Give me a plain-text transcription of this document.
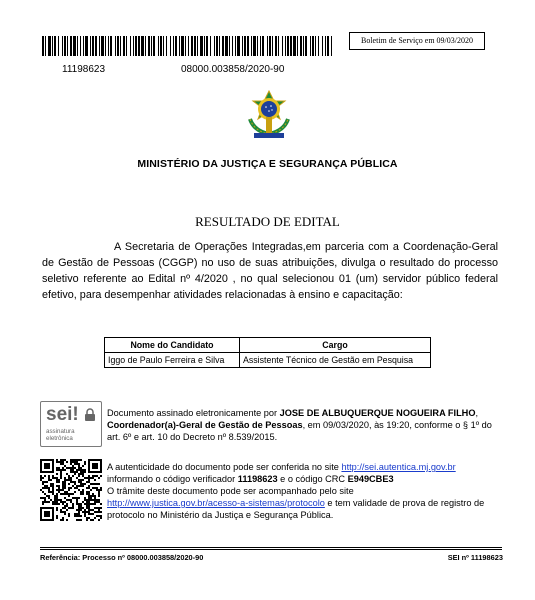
11198623	08000.003858/2020-90
Boletim de Serviço em 09/03/2020
MINISTÉRIO DA JUSTIÇA E SEGURANÇA PÚBLICA
RESULTADO DE EDITAL
A Secretaria de Operações Integradas,em parceria com a Coordenação-Geral de Gestão de Pessoas (CGGP) no uso de suas atribuições, divulga o resultado do processo seletivo referente ao Edital nº 4/2020 , no qual selecionou 01 (um) servidor público federal efetivo, para desempenhar atividades relacionadas à ensino e capacitação:
Nome do Candidato	Cargo
Iggo de Paulo Ferreira e Silva	Assistente Técnico de Gestão em Pesquisa
sei!
assinatura eletrônica
Documento assinado eletronicamente por JOSE DE ALBUQUERQUE NOGUEIRA FILHO, Coordenador(a)-Geral de Gestão de Pessoas, em 09/03/2020, às 19:20, conforme o § 1º do art. 6º e art. 10 do Decreto nº 8.539/2015.
A autenticidade do documento pode ser conferida no site http://sei.autentica.mj.gov.br
informando o código verificador 11198623 e o código CRC E949CBE3
O trâmite deste documento pode ser acompanhado pelo site
http://www.justica.gov.br/acesso-a-sistemas/protocolo e tem validade de prova de registro de protocolo no Ministério da Justiça e Segurança Pública.
Referência: Processo nº 08000.003858/2020-90	SEI nº 11198623
